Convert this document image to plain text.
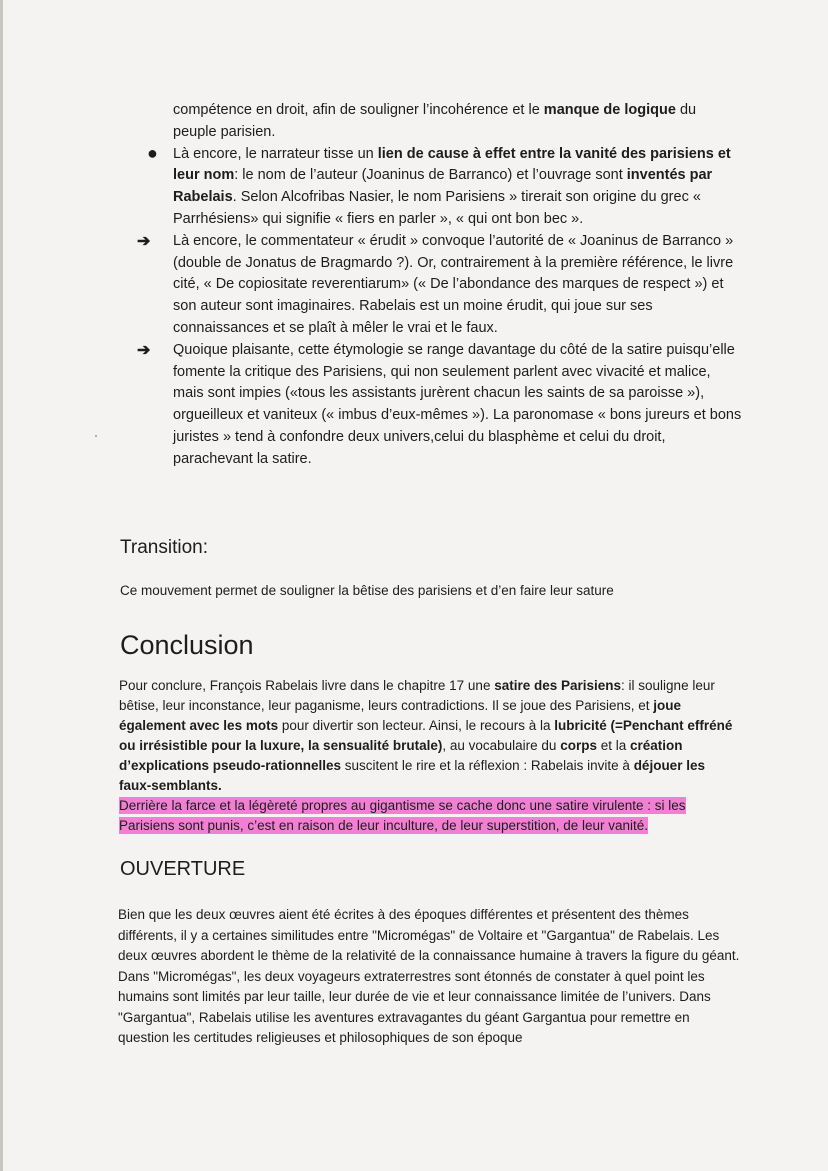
compétence en droit, afin de souligner l’incohérence et le manque de logique du peuple parisien.
●	Là encore, le narrateur tisse un lien de cause à effet entre la vanité des parisiens et leur nom: le nom de l’auteur (Joaninus de Barranco) et l’ouvrage sont inventés par Rabelais. Selon Alcofribas Nasier, le nom Parisiens » tirerait son origine du grec « Parrhésiens» qui signifie « fiers en parler », « qui ont bon bec ».
➔	Là encore, le commentateur « érudit » convoque l’autorité de « Joaninus de Barranco » (double de Jonatus de Bragmardo ?). Or, contrairement à la première référence, le livre cité, « De copiositate reverentiarum» (« De l’abondance des marques de respect ») et son auteur sont imaginaires. Rabelais est un moine érudit, qui joue sur ses connaissances et se plaît à mêler le vrai et le faux.
➔	Quoique plaisante, cette étymologie se range davantage du côté de la satire puisqu’elle fomente la critique des Parisiens, qui non seulement parlent avec vivacité et malice, mais sont impies («tous les assistants jurèrent chacun les saints de sa paroisse »), orgueilleux et vaniteux (« imbus d’eux-mêmes »). La paronomase « bons jureurs et bons juristes » tend à confondre deux univers,celui du blasphème et celui du droit, parachevant la satire.
Transition:
Ce mouvement permet de souligner la bêtise des parisiens et d’en faire leur sature
Conclusion
Pour conclure, François Rabelais livre dans le chapitre 17 une satire des Parisiens: il souligne leur bêtise, leur inconstance, leur paganisme, leurs contradictions. Il se joue des Parisiens, et joue également avec les mots pour divertir son lecteur. Ainsi, le recours à la lubricité (=Penchant effréné ou irrésistible pour la luxure, la sensualité brutale), au vocabulaire du corps et la création d’explications pseudo-rationnelles suscitent le rire et la réflexion : Rabelais invite à déjouer les faux-semblants.
Derrière la farce et la légèreté propres au gigantisme se cache donc une satire virulente : si les Parisiens sont punis, c’est en raison de leur inculture, de leur superstition, de leur vanité.
OUVERTURE
Bien que les deux œuvres aient été écrites à des époques différentes et présentent des thèmes différents, il y a certaines similitudes entre "Micromégas" de Voltaire et "Gargantua" de Rabelais. Les deux œuvres abordent le thème de la relativité de la connaissance humaine à travers la figure du géant. Dans "Micromégas", les deux voyageurs extraterrestres sont étonnés de constater à quel point les humains sont limités par leur taille, leur durée de vie et leur connaissance limitée de l’univers. Dans "Gargantua", Rabelais utilise les aventures extravagantes du géant Gargantua pour remettre en question les certitudes religieuses et philosophiques de son époque
